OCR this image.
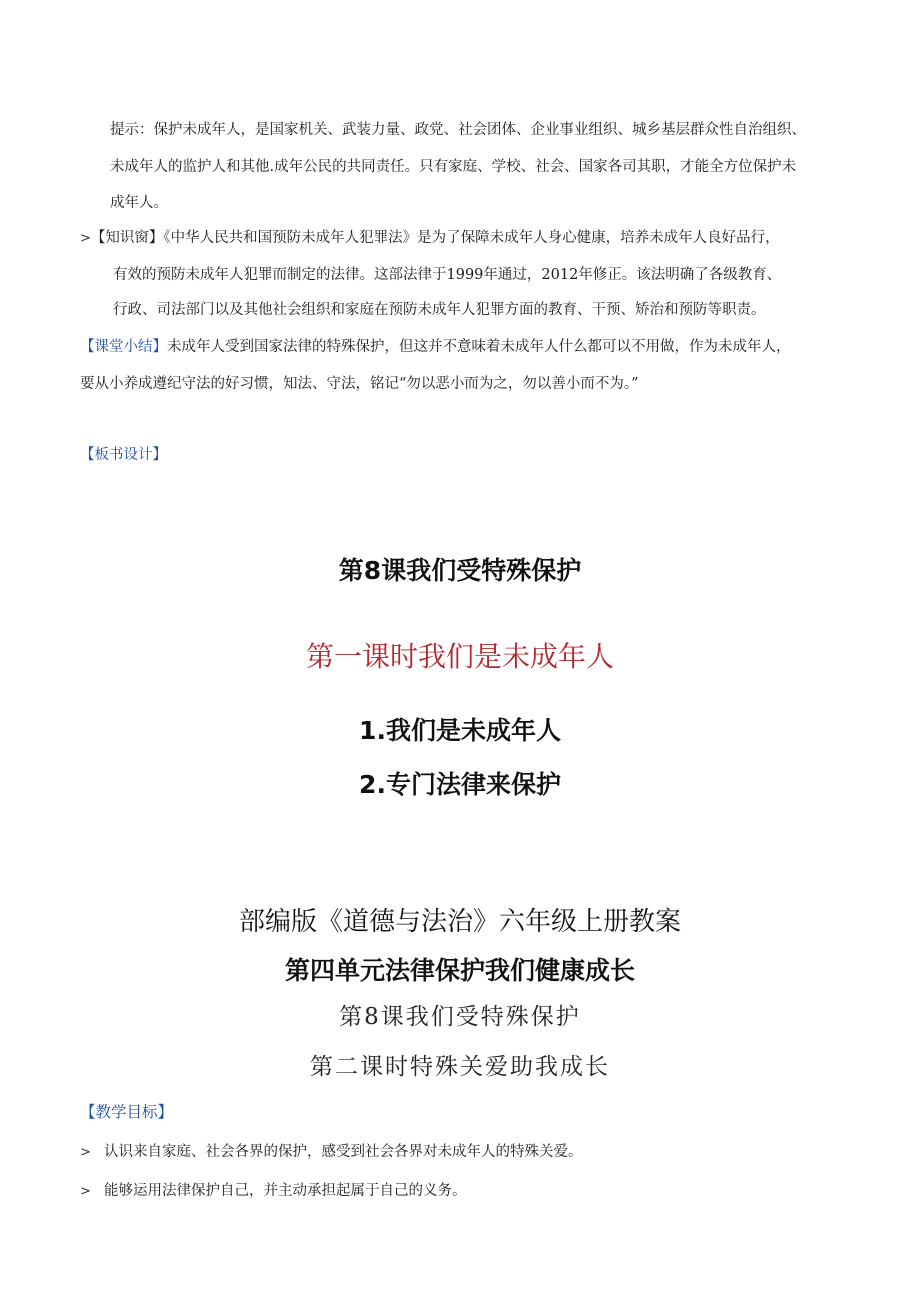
提示：保护未成年人，是国家机关、武装力量、政党、社会团体、企业事业组织、城乡基层群众性自治组织、
未成年人的监护人和其他.成年公民的共同责任。只有家庭、学校、社会、国家各司其职，才能全方位保护未
成年人。
>【知识窗】《中华人民共和国预防未成年人犯罪法》是为了保障未成年人身心健康，培养未成年人良好品行，
有效的预防未成年人犯罪而制定的法律。这部法律于1999年通过，2012年修正。该法明确了各级教育、
行政、司法部门以及其他社会组织和家庭在预防未成年人犯罪方面的教育、干预、矫治和预防等职责。
【课堂小结】未成年人受到国家法律的特殊保护，但这并不意味着未成年人什么都可以不用做，作为未成年人，
要从小养成遵纪守法的好习惯，知法、守法，铭记“勿以恶小而为之，勿以善小而不为。”
【板书设计】
第8课我们受特殊保护
第一课时我们是未成年人
1.我们是未成年人
2.专门法律来保护
部编版《道德与法治》六年级上册教案
第四单元法律保护我们健康成长
第8课我们受特殊保护
第二课时特殊关爱助我成长
【教学目标】
> 认识来自家庭、社会各界的保护，感受到社会各界对未成年人的特殊关爱。
> 能够运用法律保护自己，并主动承担起属于自己的义务。
